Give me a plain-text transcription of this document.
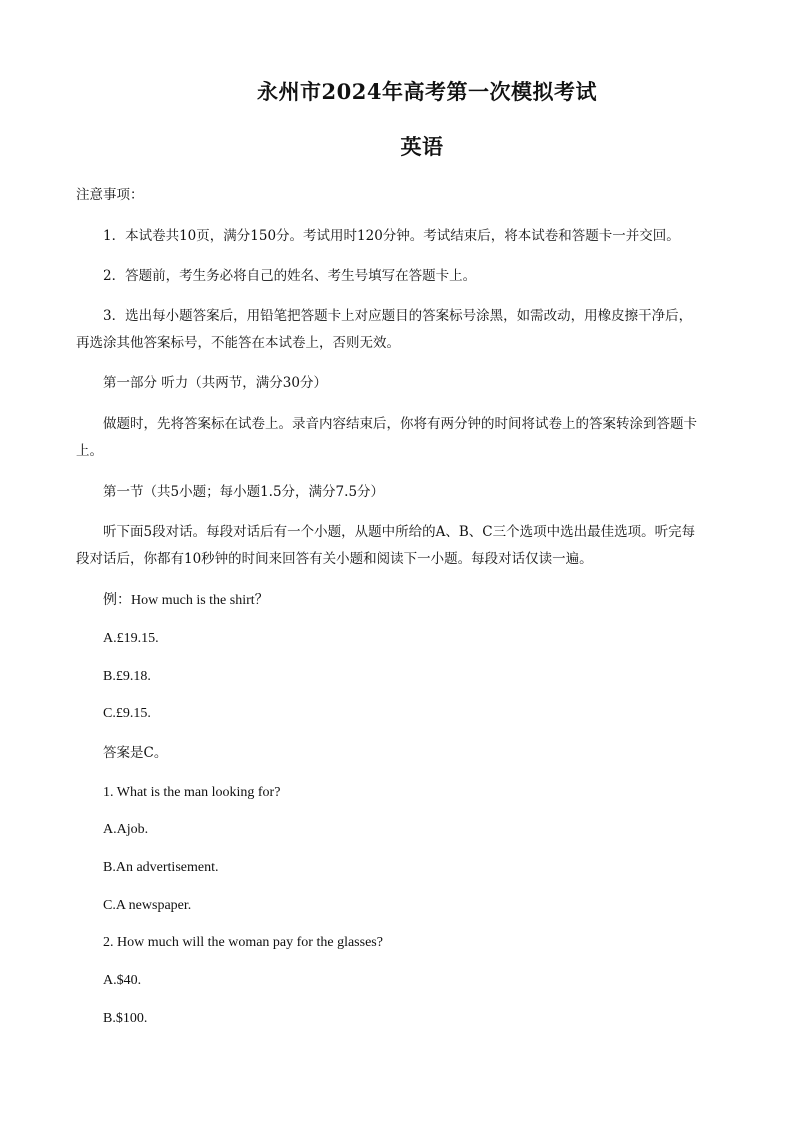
永州市2024年高考第一次模拟考试
英语
注意事项：
1．本试卷共10页，满分150分。考试用时120分钟。考试结束后，将本试卷和答题卡一并交回。
2．答题前，考生务必将自己的姓名、考生号填写在答题卡上。
3．选出每小题答案后，用铅笔把答题卡上对应题目的答案标号涂黑，如需改动，用橡皮擦干净后，
再选涂其他答案标号，不能答在本试卷上，否则无效。
第一部分 听力（共两节，满分30分）
做题时，先将答案标在试卷上。录音内容结束后，你将有两分钟的时间将试卷上的答案转涂到答题卡
上。
第一节（共5小题；每小题1.5分，满分7.5分）
听下面5段对话。每段对话后有一个小题，从题中所给的A、B、C三个选项中选出最佳选项。听完每
段对话后，你都有10秒钟的时间来回答有关小题和阅读下一小题。每段对话仅读一遍。
例：How much is the shirt？
A.£19.15.
B.£9.18.
C.£9.15.
答案是C。
1. What is the man looking for?
A.Ajob.
B.An advertisement.
C.A newspaper.
2. How much will the woman pay for the glasses?
A.$40.
B.$100.
